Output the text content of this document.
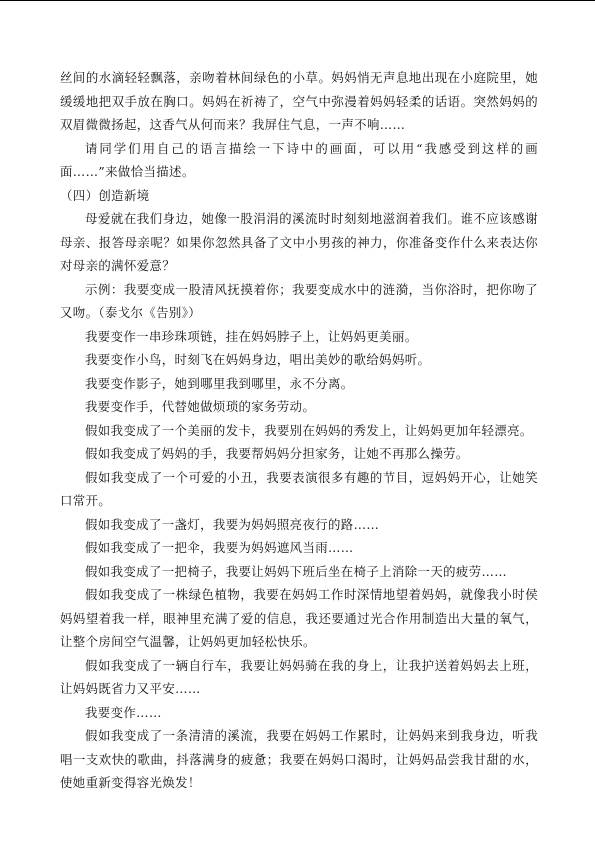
丝间的水滴轻轻飘落，亲吻着林间绿色的小草。妈妈悄无声息地出现在小庭院里，她缓缓地把双手放在胸口。妈妈在祈祷了，空气中弥漫着妈妈轻柔的话语。突然妈妈的双眉微微扬起，这香气从何而来？我屏住气息，一声不响……

请同学们用自己的语言描绘一下诗中的画面，可以用“我感受到这样的画面……”来做恰当描述。

（四）创造新境

母爱就在我们身边，她像一股涓涓的溪流时时刻刻地滋润着我们。谁不应该感谢母亲、报答母亲呢？如果你忽然具备了文中小男孩的神力，你准备变作什么来表达你对母亲的满怀爱意？

示例：我要变成一股清风抚摸着你；我要变成水中的涟漪，当你浴时，把你吻了又吻。（泰戈尔《告别》）

我要变作一串珍珠项链，挂在妈妈脖子上，让妈妈更美丽。

我要变作小鸟，时刻飞在妈妈身边，唱出美妙的歌给妈妈听。

我要变作影子，她到哪里我到哪里，永不分离。

我要变作手，代替她做烦琐的家务劳动。

假如我变成了一个美丽的发卡，我要别在妈妈的秀发上，让妈妈更加年轻漂亮。

假如我变成了妈妈的手，我要帮妈妈分担家务，让她不再那么操劳。

假如我变成了一个可爱的小丑，我要表演很多有趣的节目，逗妈妈开心，让她笑口常开。

假如我变成了一盏灯，我要为妈妈照亮夜行的路……

假如我变成了一把伞，我要为妈妈遮风当雨……

假如我变成了一把椅子，我要让妈妈下班后坐在椅子上消除一天的疲劳……

假如我变成了一株绿色植物，我要在妈妈工作时深情地望着妈妈，就像我小时侯妈妈望着我一样，眼神里充满了爱的信息，我还要通过光合作用制造出大量的氧气，让整个房间空气温馨，让妈妈更加轻松快乐。

假如我变成了一辆自行车，我要让妈妈骑在我的身上，让我护送着妈妈去上班，让妈妈既省力又平安……

我要变作……

假如我变成了一条清清的溪流，我要在妈妈工作累时，让妈妈来到我身边，听我唱一支欢快的歌曲，抖落满身的疲惫；我要在妈妈口渴时，让妈妈品尝我甘甜的水，使她重新变得容光焕发！
